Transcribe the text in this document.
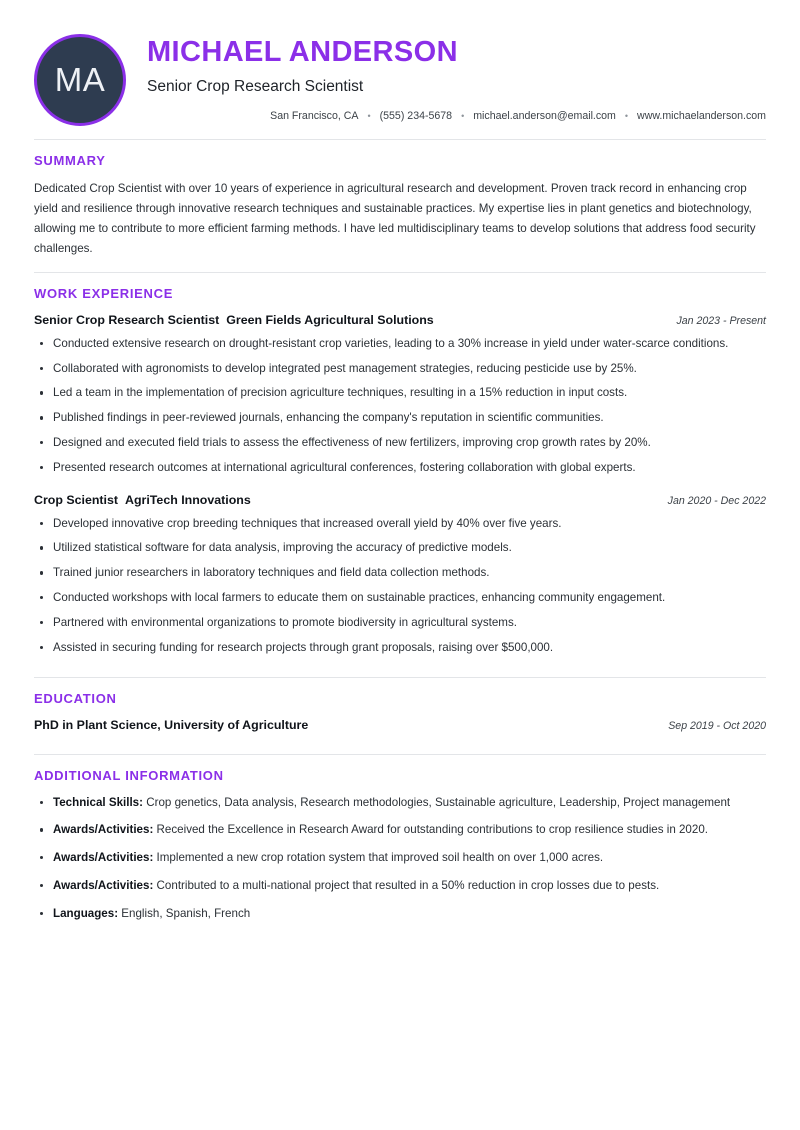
MA
MICHAEL ANDERSON
Senior Crop Research Scientist
San Francisco, CA	• (555) 234-5678	• michael.anderson@email.com	• www.michaelanderson.com
SUMMARY
Dedicated Crop Scientist with over 10 years of experience in agricultural research and development. Proven track record in enhancing crop yield and resilience through innovative research techniques and sustainable practices. My expertise lies in plant genetics and biotechnology, allowing me to contribute to more efficient farming methods. I have led multidisciplinary teams to develop solutions that address food security challenges.
WORK EXPERIENCE
Senior Crop Research Scientist Green Fields Agricultural Solutions	Jan 2023 - Present
Conducted extensive research on drought-resistant crop varieties, leading to a 30% increase in yield under water-scarce conditions.
Collaborated with agronomists to develop integrated pest management strategies, reducing pesticide use by 25%.
Led a team in the implementation of precision agriculture techniques, resulting in a 15% reduction in input costs.
Published findings in peer-reviewed journals, enhancing the company's reputation in scientific communities.
Designed and executed field trials to assess the effectiveness of new fertilizers, improving crop growth rates by 20%.
Presented research outcomes at international agricultural conferences, fostering collaboration with global experts.
Crop Scientist AgriTech Innovations	Jan 2020 - Dec 2022
Developed innovative crop breeding techniques that increased overall yield by 40% over five years.
Utilized statistical software for data analysis, improving the accuracy of predictive models.
Trained junior researchers in laboratory techniques and field data collection methods.
Conducted workshops with local farmers to educate them on sustainable practices, enhancing community engagement.
Partnered with environmental organizations to promote biodiversity in agricultural systems.
Assisted in securing funding for research projects through grant proposals, raising over $500,000.
EDUCATION
PhD in Plant Science, University of Agriculture	Sep 2019 - Oct 2020
ADDITIONAL INFORMATION
Technical Skills: Crop genetics, Data analysis, Research methodologies, Sustainable agriculture, Leadership, Project management
Awards/Activities: Received the Excellence in Research Award for outstanding contributions to crop resilience studies in 2020.
Awards/Activities: Implemented a new crop rotation system that improved soil health on over 1,000 acres.
Awards/Activities: Contributed to a multi-national project that resulted in a 50% reduction in crop losses due to pests.
Languages: English, Spanish, French
